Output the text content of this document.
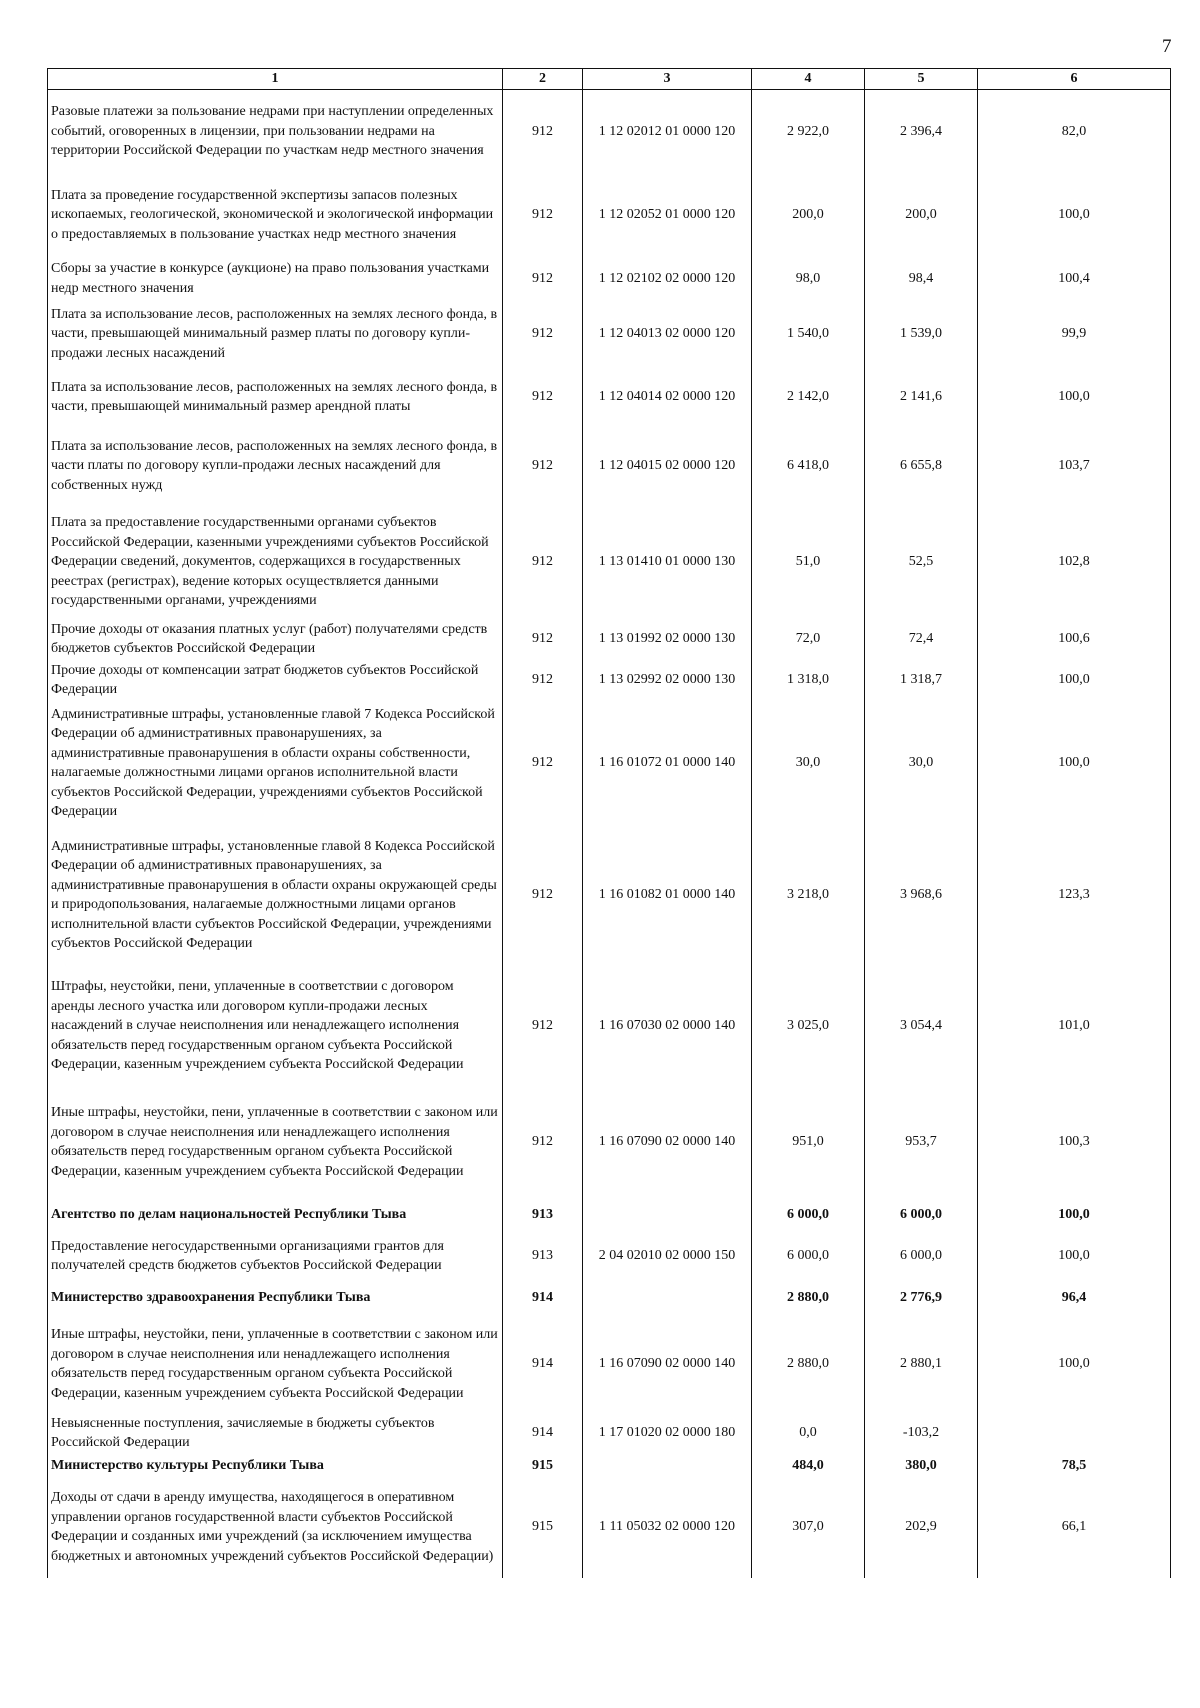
7
1	2	3	4	5	6
Разовые платежи за пользование недрами при наступлении определенных событий, оговоренных в лицензии, при пользовании недрами на территории Российской Федерации по участкам недр местного значения	912	1 12 02012 01 0000 120	2 922,0	2 396,4	82,0
Плата за проведение государственной экспертизы запасов полезных ископаемых, геологической, экономической и экологической информации о предоставляемых в пользование участках недр местного значения	912	1 12 02052 01 0000 120	200,0	200,0	100,0
Сборы за участие в конкурсе (аукционе) на право пользования участками недр местного значения	912	1 12 02102 02 0000 120	98,0	98,4	100,4
Плата за использование лесов, расположенных на землях лесного фонда, в части, превышающей минимальный размер платы по договору купли-продажи лесных насаждений	912	1 12 04013 02 0000 120	1 540,0	1 539,0	99,9
Плата за использование лесов, расположенных на землях лесного фонда, в части, превышающей минимальный размер арендной платы	912	1 12 04014 02 0000 120	2 142,0	2 141,6	100,0
Плата за использование лесов, расположенных на землях лесного фонда, в части платы по договору купли-продажи лесных насаждений для собственных нужд	912	1 12 04015 02 0000 120	6 418,0	6 655,8	103,7
Плата за предоставление государственными органами субъектов Российской Федерации, казенными учреждениями субъектов Российской Федерации сведений, документов, содержащихся в государственных реестрах (регистрах), ведение которых осуществляется данными государственными органами, учреждениями	912	1 13 01410 01 0000 130	51,0	52,5	102,8
Прочие доходы от оказания платных услуг (работ) получателями средств бюджетов субъектов Российской Федерации	912	1 13 01992 02 0000 130	72,0	72,4	100,6
Прочие доходы от компенсации затрат бюджетов субъектов Российской Федерации	912	1 13 02992 02 0000 130	1 318,0	1 318,7	100,0
Административные штрафы, установленные главой 7 Кодекса Российской Федерации об административных правонарушениях, за административные правонарушения в области охраны собственности, налагаемые должностными лицами органов исполнительной власти субъектов Российской Федерации, учреждениями субъектов Российской Федерации	912	1 16 01072 01 0000 140	30,0	30,0	100,0
Административные штрафы, установленные главой 8 Кодекса Российской Федерации об административных правонарушениях, за административные правонарушения в области охраны окружающей среды и природопользования, налагаемые должностными лицами органов исполнительной власти субъектов Российской Федерации, учреждениями субъектов Российской Федерации	912	1 16 01082 01 0000 140	3 218,0	3 968,6	123,3
Штрафы, неустойки, пени, уплаченные в соответствии с договором аренды лесного участка или договором купли-продажи лесных насаждений в случае неисполнения или ненадлежащего исполнения обязательств перед государственным органом субъекта Российской Федерации, казенным учреждением субъекта Российской Федерации	912	1 16 07030 02 0000 140	3 025,0	3 054,4	101,0
Иные штрафы, неустойки, пени, уплаченные в соответствии с законом или договором в случае неисполнения или ненадлежащего исполнения обязательств перед государственным органом субъекта Российской Федерации, казенным учреждением субъекта Российской Федерации	912	1 16 07090 02 0000 140	951,0	953,7	100,3
Агентство по делам национальностей Республики Тыва	913		6 000,0	6 000,0	100,0
Предоставление негосударственными организациями грантов для получателей средств бюджетов субъектов Российской Федерации	913	2 04 02010 02 0000 150	6 000,0	6 000,0	100,0
Министерство здравоохранения Республики Тыва	914		2 880,0	2 776,9	96,4
Иные штрафы, неустойки, пени, уплаченные в соответствии с законом или договором в случае неисполнения или ненадлежащего исполнения обязательств перед государственным органом субъекта Российской Федерации, казенным учреждением субъекта Российской Федерации	914	1 16 07090 02 0000 140	2 880,0	2 880,1	100,0
Невыясненные поступления, зачисляемые в бюджеты субъектов Российской Федерации	914	1 17 01020 02 0000 180	0,0	-103,2	
Министерство культуры Республики Тыва	915		484,0	380,0	78,5
Доходы от сдачи в аренду имущества, находящегося в оперативном управлении органов государственной власти субъектов Российской Федерации и созданных ими учреждений (за исключением имущества бюджетных и автономных учреждений субъектов Российской Федерации)	915	1 11 05032 02 0000 120	307,0	202,9	66,1
